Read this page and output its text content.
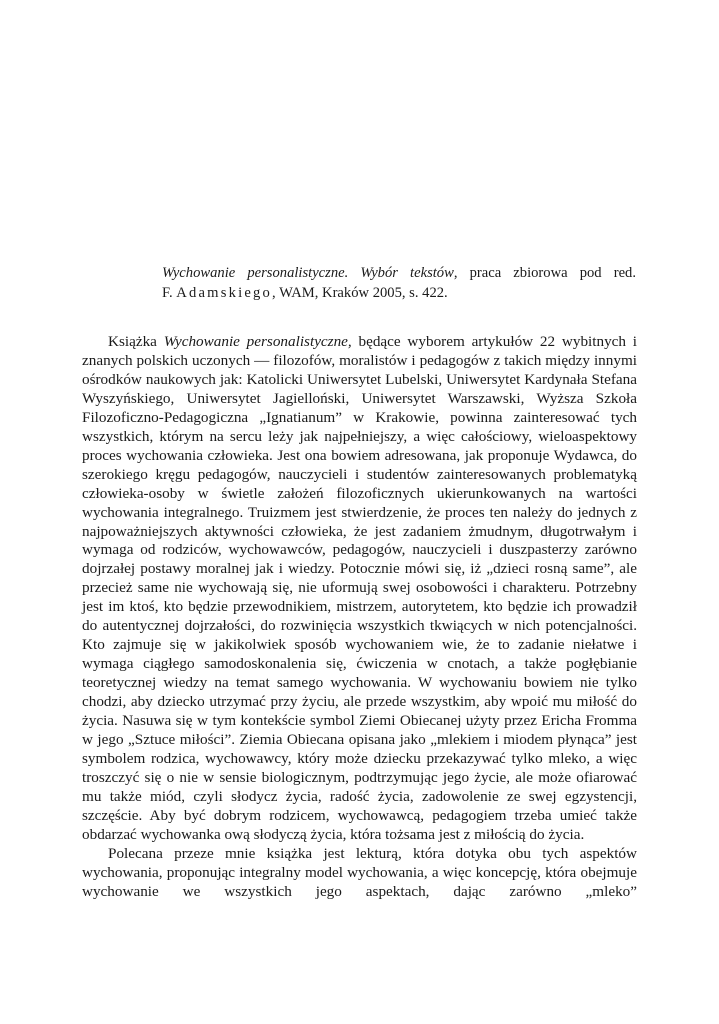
Wychowanie personalistyczne. Wybór tekstów, praca zbiorowa pod red.
F. Adamskiego, WAM, Kraków 2005, s. 422.

Książka Wychowanie personalistyczne, będące wyborem artykułów 22 wybitnych i znanych polskich uczonych — filozofów, moralistów i pedagogów z takich między innymi ośrodków naukowych jak: Katolicki Uniwersytet Lubelski, Uniwersytet Kardynała Stefana Wyszyńskiego, Uniwersytet Jagielloński, Uniwersytet Warszawski, Wyższa Szkoła Filozoficzno-Pedagogiczna „Ignatianum” w Krakowie, powinna zainteresować tych wszystkich, którym na sercu leży jak najpełniejszy, a więc całościowy, wieloaspektowy proces wychowania człowieka. Jest ona bowiem adresowana, jak proponuje Wydawca, do szerokiego kręgu pedagogów, nauczycieli i studentów zainteresowanych problematyką człowieka-osoby w świetle założeń filozoficznych ukierunkowanych na wartości wychowania integralnego. Truizmem jest stwierdzenie, że proces ten należy do jednych z najpoważniejszych aktywności człowieka, że jest zadaniem żmudnym, długotrwałym i wymaga od rodziców, wychowawców, pedagogów, nauczycieli i duszpasterzy zarówno dojrzałej postawy moralnej jak i wiedzy. Potocznie mówi się, iż „dzieci rosną same”, ale przecież same nie wychowają się, nie uformują swej osobowości i charakteru. Potrzebny jest im ktoś, kto będzie przewodnikiem, mistrzem, autorytetem, kto będzie ich prowadził do autentycznej dojrzałości, do rozwinięcia wszystkich tkwiących w nich potencjalności. Kto zajmuje się w jakikolwiek sposób wychowaniem wie, że to zadanie niełatwe i wymaga ciągłego samodoskonalenia się, ćwiczenia w cnotach, a także pogłębianie teoretycznej wiedzy na temat samego wychowania. W wychowaniu bowiem nie tylko chodzi, aby dziecko utrzymać przy życiu, ale przede wszystkim, aby wpoić mu miłość do życia. Nasuwa się w tym kontekście symbol Ziemi Obiecanej użyty przez Ericha Fromma w jego „Sztuce miłości”. Ziemia Obiecana opisana jako „mlekiem i miodem płynąca” jest symbolem rodzica, wychowawcy, który może dziecku przekazywać tylko mleko, a więc troszczyć się o nie w sensie biologicznym, podtrzymując jego życie, ale może ofiarować mu także miód, czyli słodycz życia, radość życia, zadowolenie ze swej egzystencji, szczęście. Aby być dobrym rodzicem, wychowawcą, pedagogiem trzeba umieć także obdarzać wychowanka ową słodyczą życia, która tożsama jest z miłością do życia.

Polecana przeze mnie książka jest lekturą, która dotyka obu tych aspektów wychowania, proponując integralny model wychowania, a więc koncepcję, która obejmuje wychowanie we wszystkich jego aspektach, dając zarówno „mleko”
